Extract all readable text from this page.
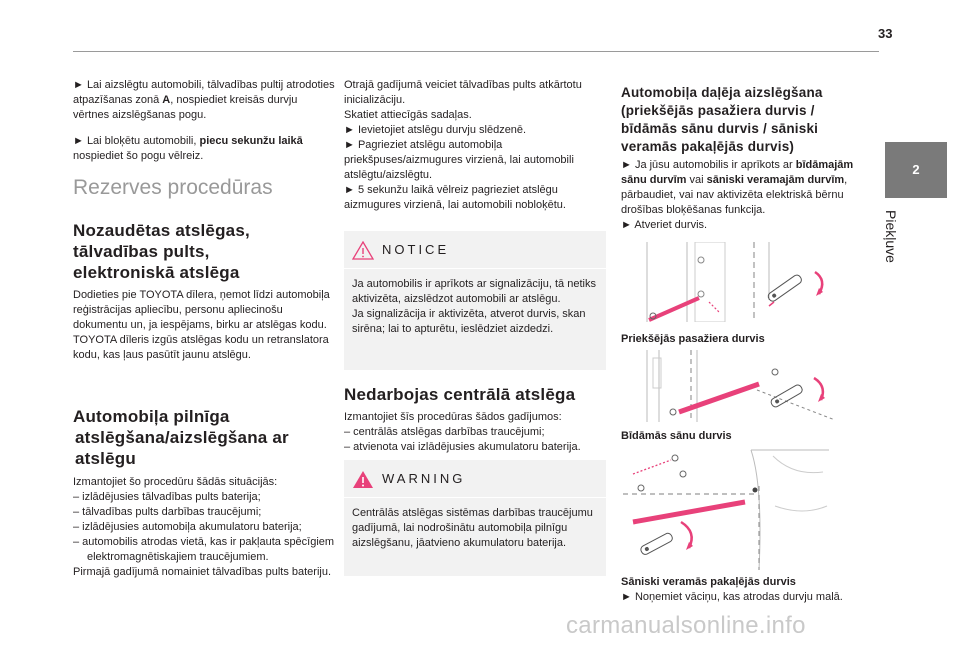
33
2
Piekļuve
► Lai aizslēgtu automobili, tālvadības pultij atrodoties atpazīšanas zonā A, nospiediet kreisās durvju vērtnes aizslēgšanas pogu.
► Lai bloķētu automobili, piecu sekunžu laikā nospiediet šo pogu vēlreiz.
Rezerves procedūras
Nozaudētas atslēgas,
tālvadības pults,
elektroniskā atslēga
Dodieties pie TOYOTA dīlera, ņemot līdzi automobiļa reģistrācijas apliecību, personu apliecinošu dokumentu un, ja iespējams, birku ar atslēgas kodu.
TOYOTA dīleris izgūs atslēgas kodu un retranslatora kodu, kas ļaus pasūtīt jaunu atslēgu.
Automobiļa pilnīga
atslēgšana/aizslēgšana ar
atslēgu
Izmantojiet šo procedūru šādās situācijās:
– izlādējusies tālvadības pults baterija;
– tālvadības pults darbības traucējumi;
– izlādējusies automobiļa akumulatoru baterija;
– automobilis atrodas vietā, kas ir pakļauta spēcīgiem elektromagnētiskajiem traucējumiem.
Pirmajā gadījumā nomainiet tālvadības pults bateriju.
Otrajā gadījumā veiciet tālvadības pults atkārtotu inicializāciju.
Skatiet attiecīgās sadaļas.
► Ievietojiet atslēgu durvju slēdzenē.
► Pagrieziet atslēgu automobiļa priekšpuses/aizmugures virzienā, lai automobili atslēgtu/aizslēgtu.
► 5 sekunžu laikā vēlreiz pagrieziet atslēgu aizmugures virzienā, lai automobili nobloķētu.
NOTICE
Ja automobilis ir aprīkots ar signalizāciju, tā netiks aktivizēta, aizslēdzot automobili ar atslēgu.
Ja signalizācija ir aktivizēta, atverot durvis, skan sirēna; lai to apturētu, ieslēdziet aizdedzi.
Nedarbojas centrālā atslēga
Izmantojiet šīs procedūras šādos gadījumos:
– centrālās atslēgas darbības traucējumi;
– atvienota vai izlādējusies akumulatoru baterija.
WARNING
Centrālās atslēgas sistēmas darbības traucējumu gadījumā, lai nodrošinātu automobiļa pilnīgu aizslēgšanu, jāatvieno akumulatoru baterija.
Automobiļa daļēja aizslēgšana
(priekšējās pasažiera durvis /
bīdāmās sānu durvis / sāniski
veramās pakaļējās durvis)
► Ja jūsu automobilis ir aprīkots ar bīdāmajām sānu durvīm vai sāniski veramajām durvīm, pārbaudiet, vai nav aktivizēta elektriskā bērnu drošības bloķēšanas funkcija.
► Atveriet durvis.
Priekšējās pasažiera durvis
Bīdāmās sānu durvis
Sāniski veramās pakaļējās durvis
► Noņemiet vāciņu, kas atrodas durvju malā.
carmanualsonline.info
